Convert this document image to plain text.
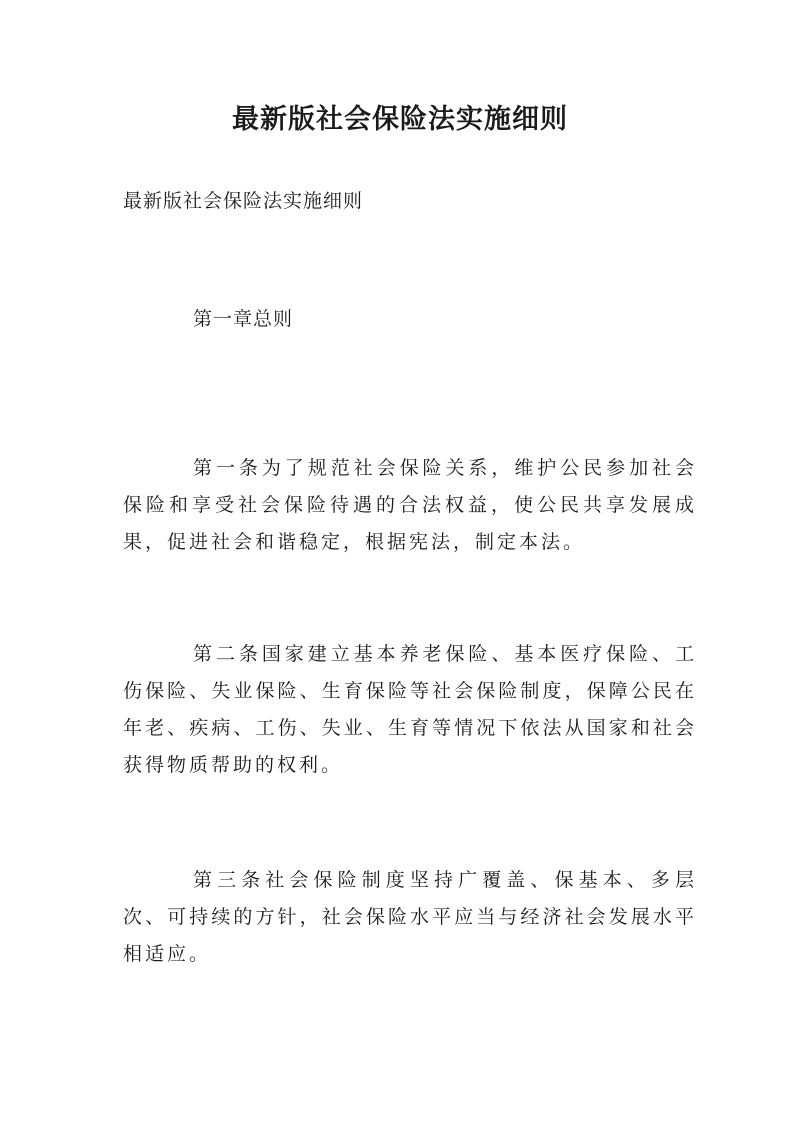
最新版社会保险法实施细则
最新版社会保险法实施细则
第一章总则

第一条为了规范社会保险关系，维护公民参加社会保险和享受社会保险待遇的合法权益，使公民共享发展成果，促进社会和谐稳定，根据宪法，制定本法。

第二条国家建立基本养老保险、基本医疗保险、工伤保险、失业保险、生育保险等社会保险制度，保障公民在年老、疾病、工伤、失业、生育等情况下依法从国家和社会获得物质帮助的权利。

第三条社会保险制度坚持广覆盖、保基本、多层次、可持续的方针，社会保险水平应当与经济社会发展水平相适应。
